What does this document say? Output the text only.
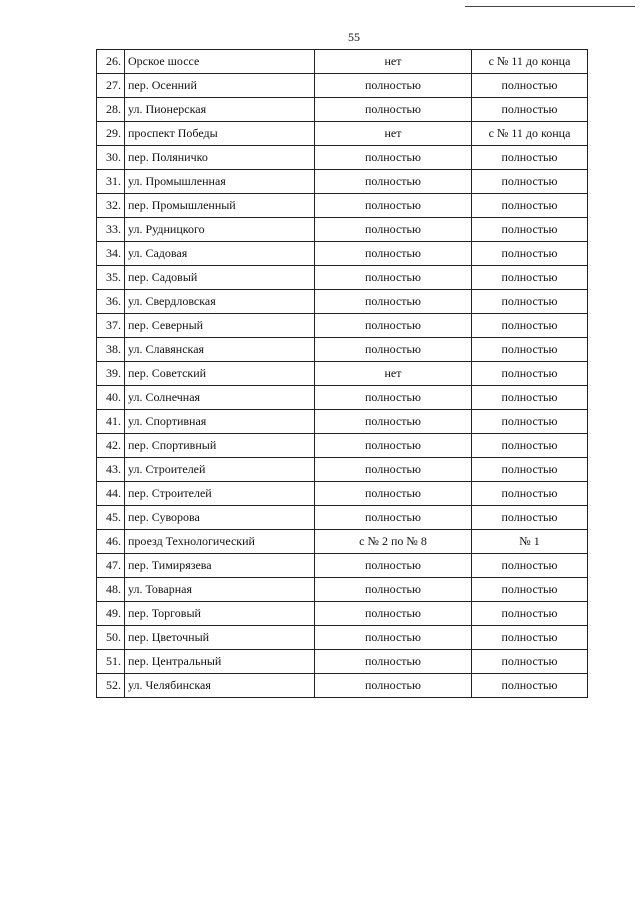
55
26.	Орское шоссе	нет	с № 11 до конца
27.	пер. Осенний	полностью	полностью
28.	ул. Пионерская	полностью	полностью
29.	проспект Победы	нет	с № 11 до конца
30.	пер. Поляничко	полностью	полностью
31.	ул. Промышленная	полностью	полностью
32.	пер. Промышленный	полностью	полностью
33.	ул. Рудницкого	полностью	полностью
34.	ул. Садовая	полностью	полностью
35.	пер. Садовый	полностью	полностью
36.	ул. Свердловская	полностью	полностью
37.	пер. Северный	полностью	полностью
38.	ул. Славянская	полностью	полностью
39.	пер. Советский	нет	полностью
40.	ул. Солнечная	полностью	полностью
41.	ул. Спортивная	полностью	полностью
42.	пер. Спортивный	полностью	полностью
43.	ул. Строителей	полностью	полностью
44.	пер. Строителей	полностью	полностью
45.	пер. Суворова	полностью	полностью
46.	проезд Технологический	с № 2 по № 8	№ 1
47.	пер. Тимирязева	полностью	полностью
48.	ул. Товарная	полностью	полностью
49.	пер. Торговый	полностью	полностью
50.	пер. Цветочный	полностью	полностью
51.	пер. Центральный	полностью	полностью
52.	ул. Челябинская	полностью	полностью
